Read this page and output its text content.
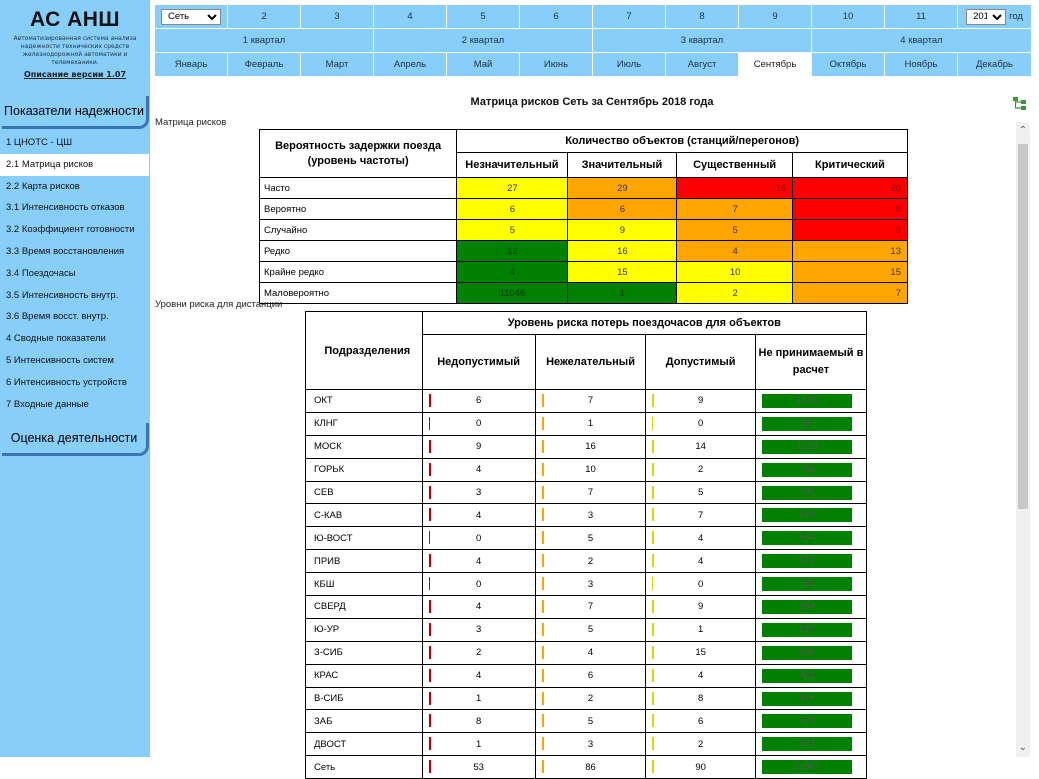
АС АНШ
Автоматизированная система анализа надежности технических средств железнодорожной автоматики и телемеханики.
Описание версии 1.07
Показатели надежности
1 ЦНОТС - ЦШ
2.1 Матрица рисков
2.2 Карта рисков
3.1 Интенсивность отказов
3.2 Коэффициент готовности
3.3 Время восстановления
3.4 Поездочасы
3.5 Интенсивность внутр.
3.6 Время восст. внутр.
4 Сводные показатели
5 Интенсивность систем
6 Интенсивность устройств
7 Входные данные
Оценка деятельности
Сеть
2	3	4	5	6	7	8	9	10	11
2018	год
1 квартал	2 квартал	3 квартал	4 квартал
Январь	Февраль	Март	Апрель	Май	Июнь	Июль	Август	Сентябрь	Октябрь	Ноябрь	Декабрь
Матрица рисков Сеть за Сентябрь 2018 года
Матрица рисков
Вероятность задержки поезда (уровень частоты)	Количество объектов (станций/перегонов)			
	Незначительный	Значительный	Существенный	Критический
Часто	27	29	16	20
Вероятно	6	6	7	8
Случайно	5	9	5	9
Редко	12	16	4	13
Крайне редко	4	15	10	15
Маловероятно	11046	1	2	7
Уровни риска для дистанции
Подразделения	Уровень риска потерь поездочасов для объектов			
	Недопустимый	Нежелательный	Допустимый	Не принимаемый в расчет
ОКТ	6	7	9	1446
КЛНГ	0	1	0	85
МОСК	9	16	14	1223
ГОРЬК	4	10	2	758
СЕВ	3	7	5	787
С-КАВ	4	3	7	640
Ю-ВОСТ	0	5	4	544
ПРИВ	4	2	4	519
КБШ	0	3	0	736
СВЕРД	4	7	9	894
Ю-УР	3	5	1	520
З-СИБ	2	4	15	608
КРАС	4	6	4	361
В-СИБ	1	2	8	474
ЗАБ	8	5	6	340
ДВОСТ	1	3	2	924
Сеть	53	86	90	11067
⌃
⌄
